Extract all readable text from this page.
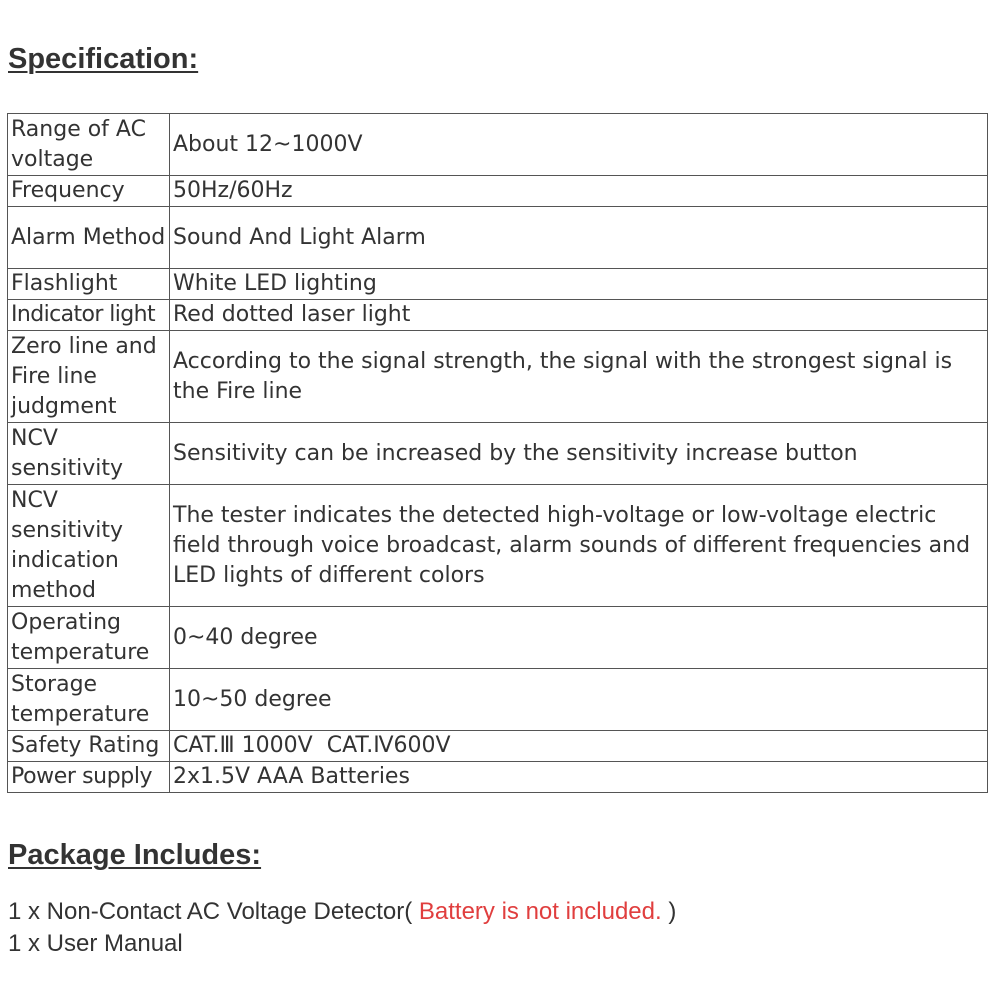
Specification:
Range of AC voltage	About 12~1000V
Frequency	50Hz/60Hz
Alarm Method	Sound And Light Alarm
Flashlight	White LED lighting
Indicator light	Red dotted laser light
Zero line and Fire line judgment	According to the signal strength, the signal with the strongest signal is the Fire line
NCV sensitivity	Sensitivity can be increased by the sensitivity increase button
NCV sensitivity indication method	The tester indicates the detected high-voltage or low-voltage electric field through voice broadcast, alarm sounds of different frequencies and LED lights of different colors
Operating temperature	0~40 degree
Storage temperature	10~50 degree
Safety Rating	CAT.Ⅲ 1000V  CAT.Ⅳ600V
Power supply	2x1.5V AAA Batteries
Package Includes:
1 x Non-Contact AC Voltage Detector( Battery is not included. )
1 x User Manual
